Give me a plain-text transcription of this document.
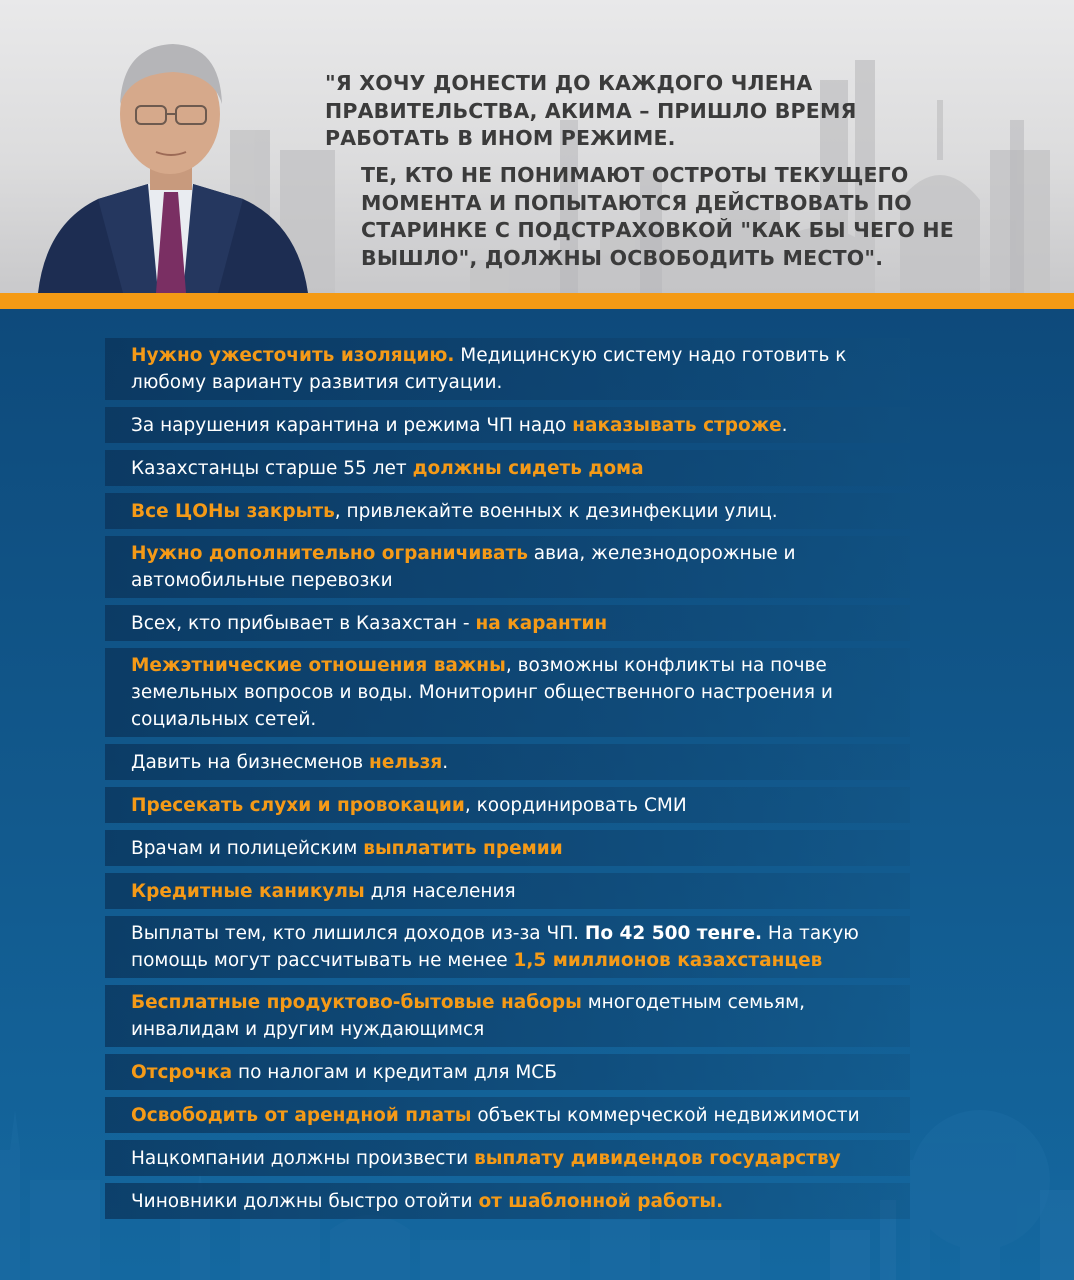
"Я ХОЧУ ДОНЕСТИ ДО КАЖДОГО ЧЛЕНА ПРАВИТЕЛЬСТВА, АКИМА – ПРИШЛО ВРЕМЯ РАБОТАТЬ В ИНОМ РЕЖИМЕ.

ТЕ, КТО НЕ ПОНИМАЮТ ОСТРОТЫ ТЕКУЩЕГО МОМЕНТА И ПОПЫТАЮТСЯ ДЕЙСТВОВАТЬ ПО СТАРИНКЕ С ПОДСТРАХОВКОЙ "КАК БЫ ЧЕГО НЕ ВЫШЛО", ДОЛЖНЫ ОСВОБОДИТЬ МЕСТО".

Нужно ужесточить изоляцию. Медицинскую систему надо готовить к любому варианту развития ситуации.

За нарушения карантина и режима ЧП надо наказывать строже.

Казахстанцы старше 55 лет должны сидеть дома

Все ЦОНы закрыть, привлекайте военных к дезинфекции улиц.

Нужно дополнительно ограничивать авиа, железнодорожные и автомобильные перевозки

Всех, кто прибывает в Казахстан - на карантин

Межэтнические отношения важны, возможны конфликты на почве земельных вопросов и воды. Мониторинг общественного настроения и социальных сетей.

Давить на бизнесменов нельзя.

Пресекать слухи и провокации, координировать СМИ

Врачам и полицейским выплатить премии

Кредитные каникулы для населения

Выплаты тем, кто лишился доходов из-за ЧП. По 42 500 тенге. На такую помощь могут рассчитывать не менее 1,5 миллионов казахстанцев

Бесплатные продуктово-бытовые наборы многодетным семьям, инвалидам и другим нуждающимся

Отсрочка по налогам и кредитам для МСБ

Освободить от арендной платы объекты коммерческой недвижимости

Нацкомпании должны произвести выплату дивидендов государству

Чиновники должны быстро отойти от шаблонной работы.
